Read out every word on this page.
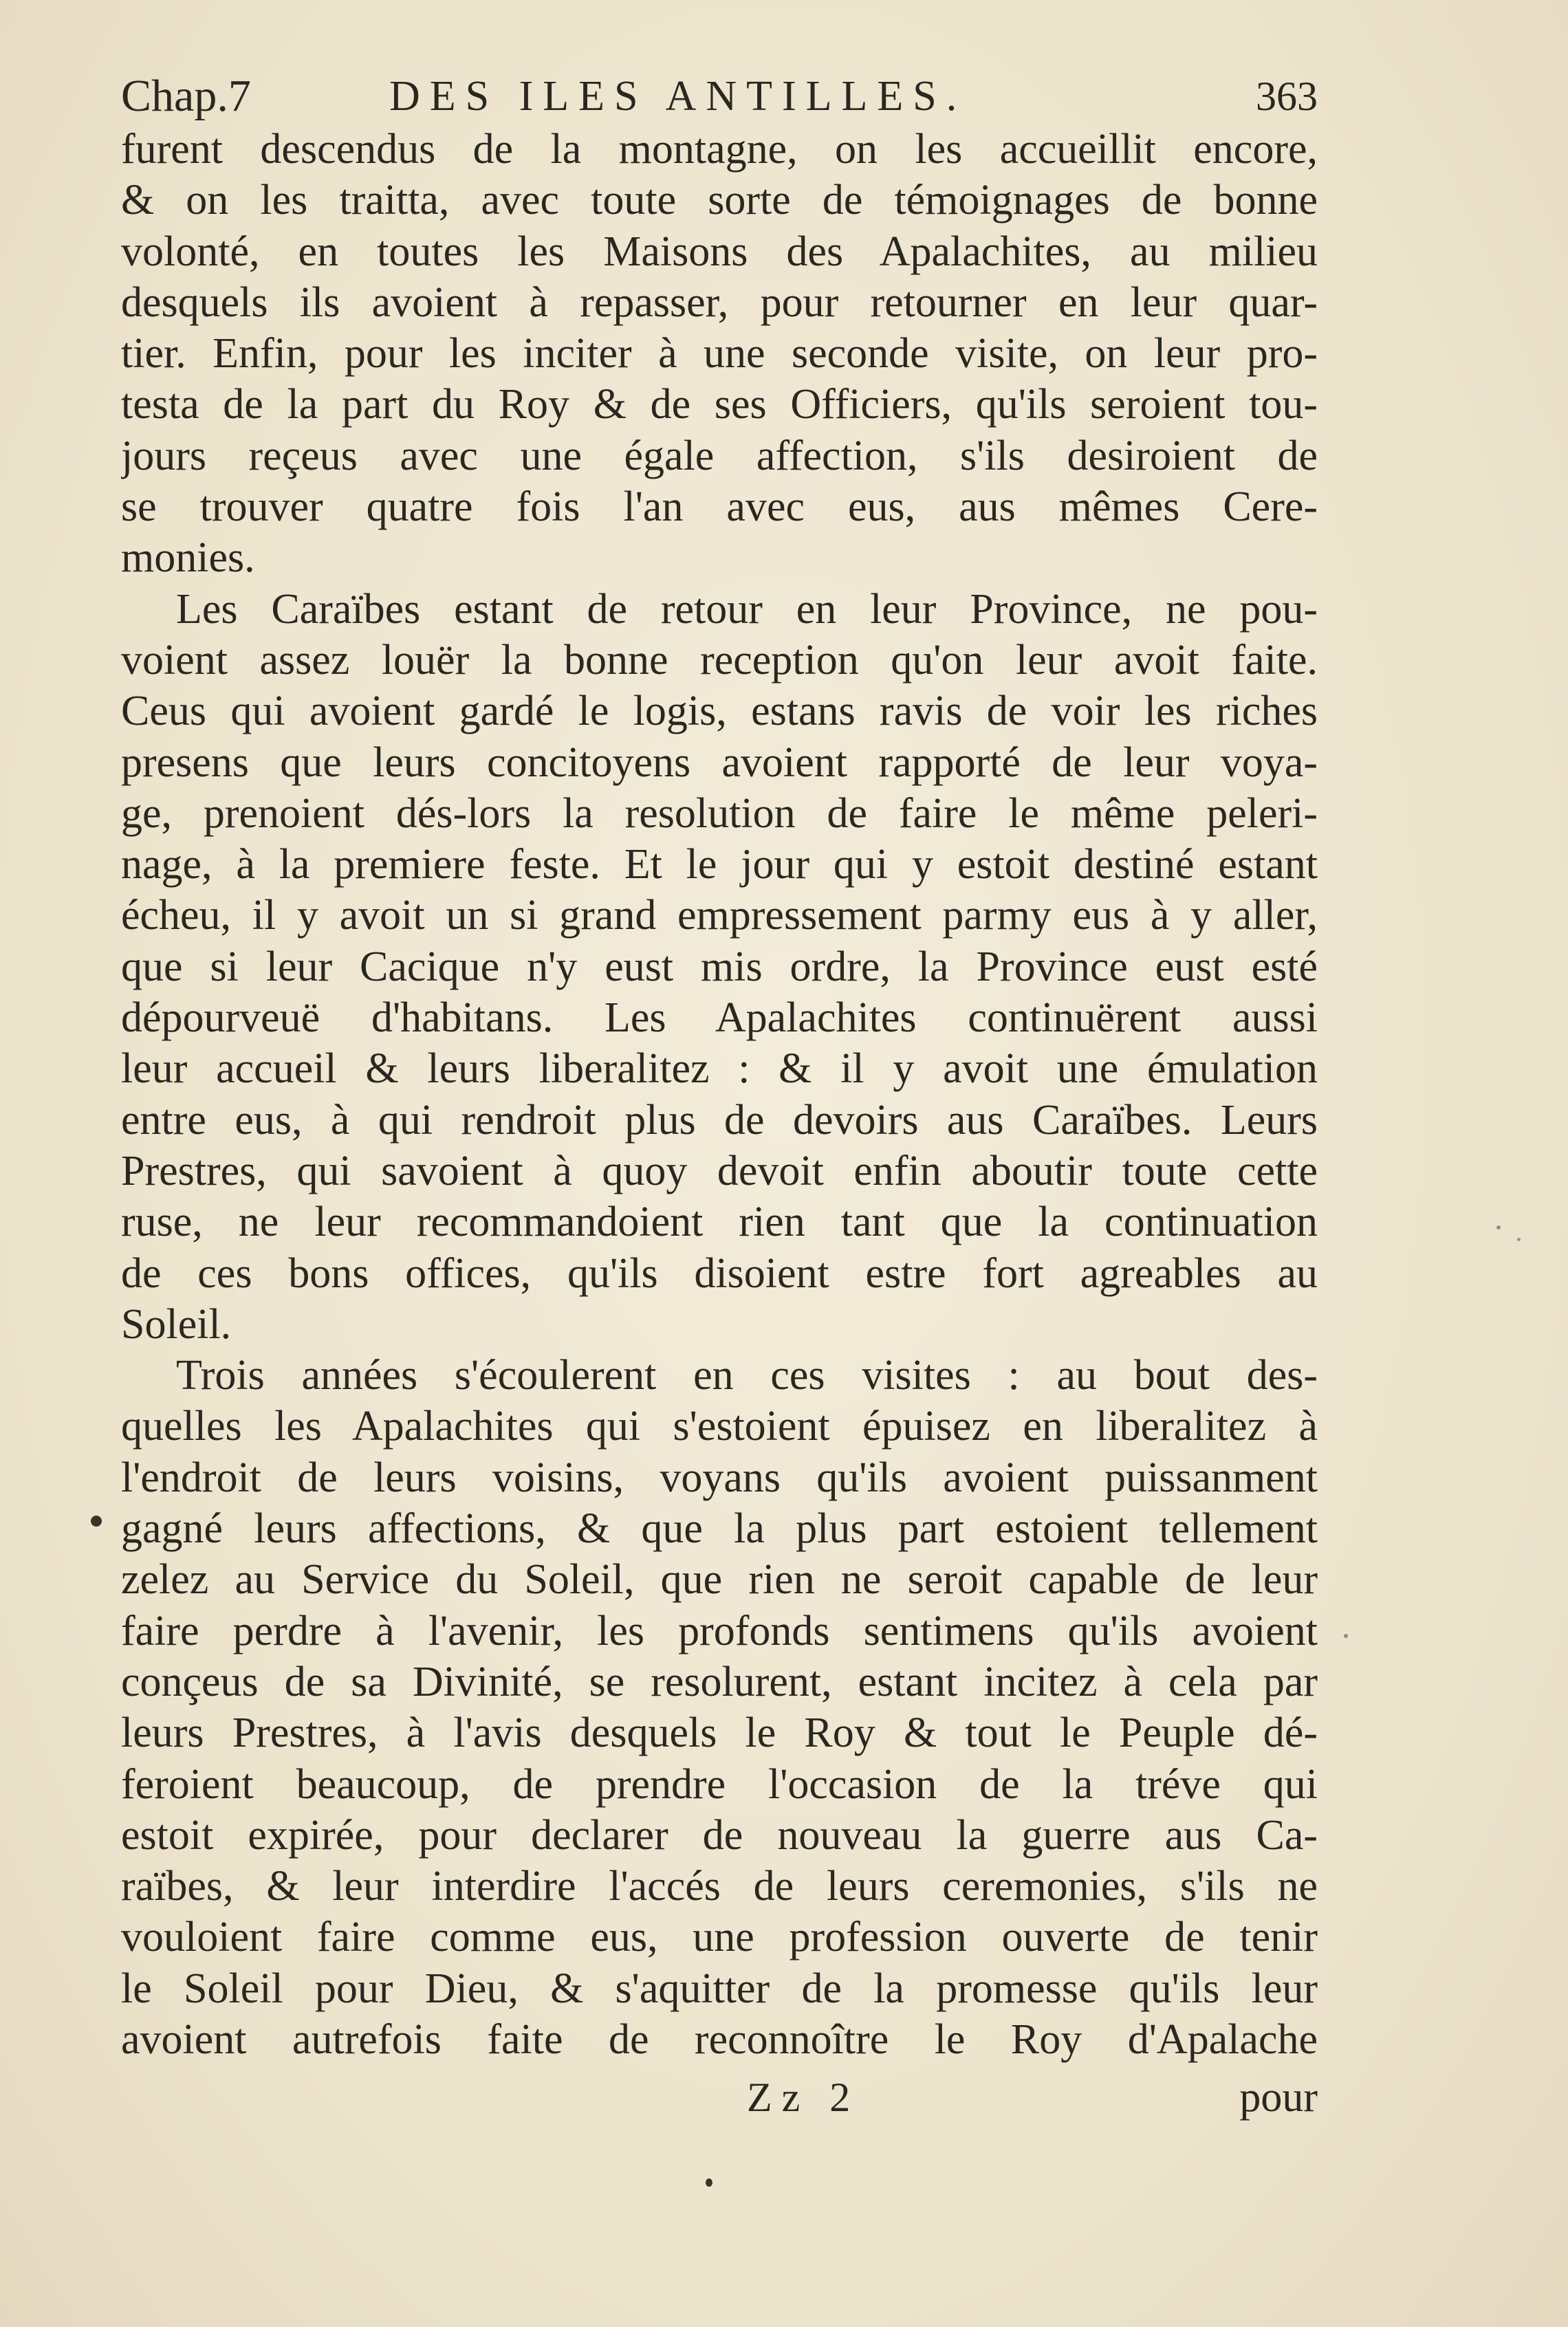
Chap.7	DES ILES ANTILLES.	363
furent descendus de la montagne, on les accueillit encore,
& on les traitta, avec toute sorte de témoignages de bonne
volonté, en toutes les Maisons des Apalachites, au milieu
desquels ils avoient à repasser, pour retourner en leur quar-
tier. Enfin, pour les inciter à une seconde visite, on leur pro-
testa de la part du Roy & de ses Officiers, qu'ils seroient tou-
jours reçeus avec une égale affection, s'ils desiroient de
se trouver quatre fois l'an avec eus, aus mêmes Cere-
monies.
Les Caraïbes estant de retour en leur Province, ne pou-
voient assez louër la bonne reception qu'on leur avoit faite.
Ceus qui avoient gardé le logis, estans ravis de voir les riches
presens que leurs concitoyens avoient rapporté de leur voya-
ge, prenoient dés-lors la resolution de faire le même peleri-
nage, à la premiere feste. Et le jour qui y estoit destiné estant
écheu, il y avoit un si grand empressement parmy eus à y aller,
que si leur Cacique n'y eust mis ordre, la Province eust esté
dépourveuë d'habitans. Les Apalachites continuërent aussi
leur accueil & leurs liberalitez : & il y avoit une émulation
entre eus, à qui rendroit plus de devoirs aus Caraïbes. Leurs
Prestres, qui savoient à quoy devoit enfin aboutir toute cette
ruse, ne leur recommandoient rien tant que la continuation
de ces bons offices, qu'ils disoient estre fort agreables au
Soleil.
Trois années s'écoulerent en ces visites : au bout des-
quelles les Apalachites qui s'estoient épuisez en liberalitez à
l'endroit de leurs voisins, voyans qu'ils avoient puissanment
gagné leurs affections, & que la plus part estoient tellement
zelez au Service du Soleil, que rien ne seroit capable de leur
faire perdre à l'avenir, les profonds sentimens qu'ils avoient
conçeus de sa Divinité, se resolurent, estant incitez à cela par
leurs Prestres, à l'avis desquels le Roy & tout le Peuple dé-
feroient beaucoup, de prendre l'occasion de la tréve qui
estoit expirée, pour declarer de nouveau la guerre aus Ca-
raïbes, & leur interdire l'accés de leurs ceremonies, s'ils ne
vouloient faire comme eus, une profession ouverte de tenir
le Soleil pour Dieu, & s'aquitter de la promesse qu'ils leur
avoient autrefois faite de reconnoître le Roy d'Apalache
Zz 2	pour
